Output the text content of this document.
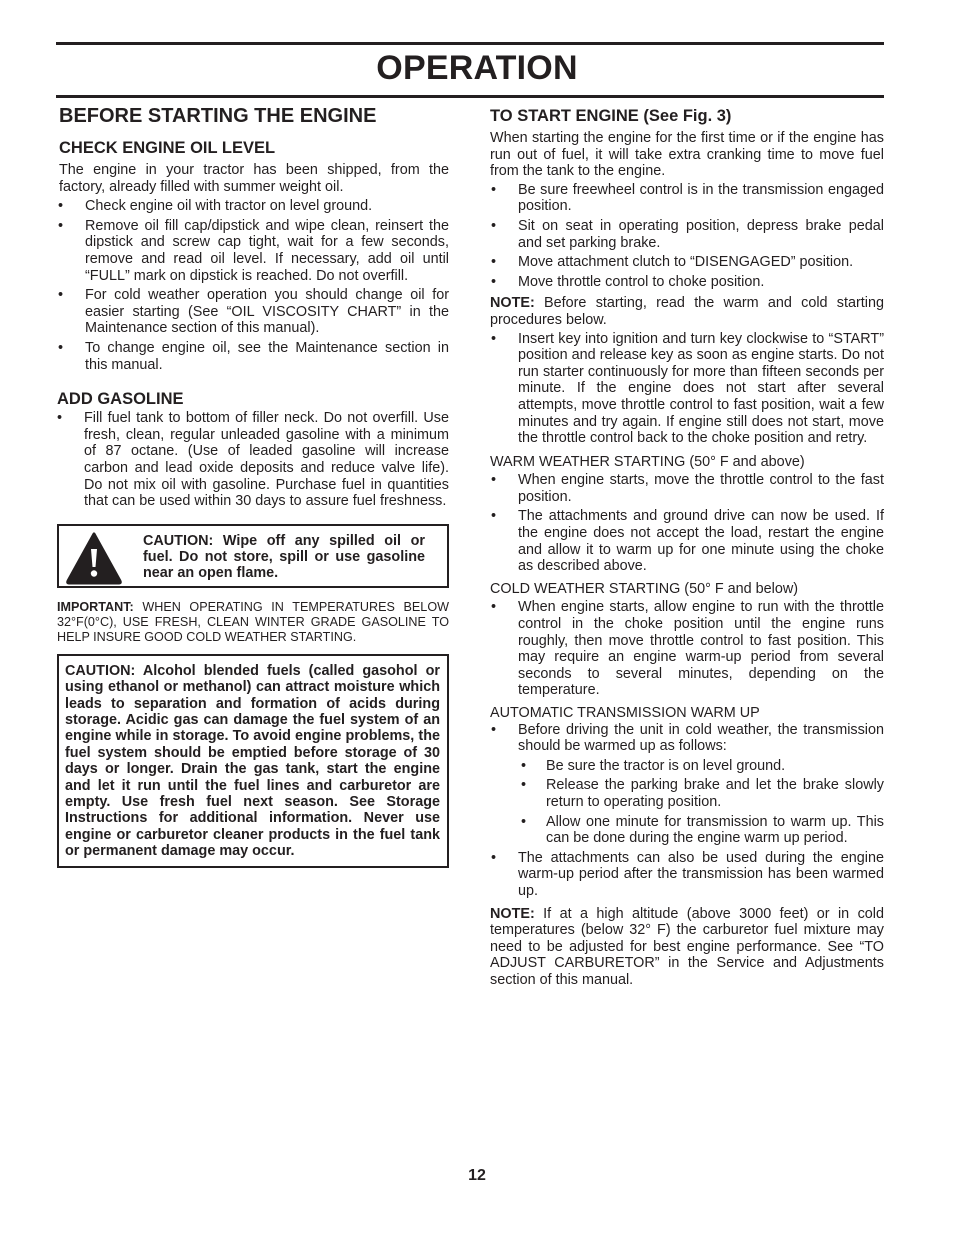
OPERATION
BEFORE STARTING THE ENGINE
CHECK ENGINE OIL LEVEL

The engine in your tractor has been shipped, from the factory, already filled with summer weight oil.

• Check engine oil with tractor on level ground.
• Remove oil fill cap/dipstick and wipe clean, reinsert the dipstick and screw cap tight, wait for a few seconds, remove and read oil level. If necessary, add oil until “FULL” mark on dipstick is reached. Do not overfill.
• For cold weather operation you should change oil for easier starting (See “OIL VISCOSITY CHART” in the Maintenance section of this manual).
• To change engine oil, see the Maintenance section in this manual.
ADD GASOLINE
• Fill fuel tank to bottom of filler neck. Do not overfill. Use fresh, clean, regular unleaded gasoline with a minimum of 87 octane. (Use of leaded gasoline will increase carbon and lead oxide deposits and reduce valve life). Do not mix oil with gasoline. Purchase fuel in quantities that can be used within 30 days to assure fuel freshness.
CAUTION: Wipe off any spilled oil or fuel. Do not store, spill or use gasoline near an open flame.

IMPORTANT: WHEN OPERATING IN TEMPERATURES BELOW 32°F(0°C), USE FRESH, CLEAN WINTER GRADE GASOLINE TO HELP INSURE GOOD COLD WEATHER STARTING.

CAUTION: Alcohol blended fuels (called gasohol or using ethanol or methanol) can attract moisture which leads to separation and formation of acids during storage. Acidic gas can damage the fuel system of an engine while in storage. To avoid engine problems, the fuel system should be emptied before storage of 30 days or longer. Drain the gas tank, start the engine and let it run until the fuel lines and carburetor are empty. Use fresh fuel next season. See Storage Instructions for additional information. Never use engine or carburetor cleaner products in the fuel tank or permanent damage may occur.

TO START ENGINE (See Fig. 3)

When starting the engine for the first time or if the engine has run out of fuel, it will take extra cranking time to move fuel from the tank to the engine.

• Be sure freewheel control is in the transmission engaged position.
• Sit on seat in operating position, depress brake pedal and set parking brake.
• Move attachment clutch to “DISENGAGED” position.
• Move throttle control to choke position.

NOTE: Before starting, read the warm and cold starting procedures below.

• Insert key into ignition and turn key clockwise to “START” position and release key as soon as engine starts. Do not run starter continuously for more than fifteen seconds per minute. If the engine does not start after several attempts, move throttle control to fast position, wait a few minutes and try again. If engine still does not start, move the throttle control back to the choke position and retry.

WARM WEATHER STARTING (50° F and above)

• When engine starts, move the throttle control to the fast position.
• The attachments and ground drive can now be used. If the engine does not accept the load, restart the engine and allow it to warm up for one minute using the choke as described above.

COLD WEATHER STARTING (50° F and below)

• When engine starts, allow engine to run with the throttle control in the choke position until the engine runs roughly, then move throttle control to fast position. This may require an engine warm-up period from several seconds to several minutes, depending on the temperature.

AUTOMATIC TRANSMISSION WARM UP

• Before driving the unit in cold weather, the transmission should be warmed up as follows:
• Be sure the tractor is on level ground.
• Release the parking brake and let the brake slowly return to operating position.
• Allow one minute for transmission to warm up. This can be done during the engine warm up period.
• The attachments can also be used during the engine warm-up period after the transmission has been warmed up.

NOTE: If at a high altitude (above 3000 feet) or in cold temperatures (below 32° F) the carburetor fuel mixture may need to be adjusted for best engine performance. See “TO ADJUST CARBURETOR” in the Service and Adjustments section of this manual.

12
